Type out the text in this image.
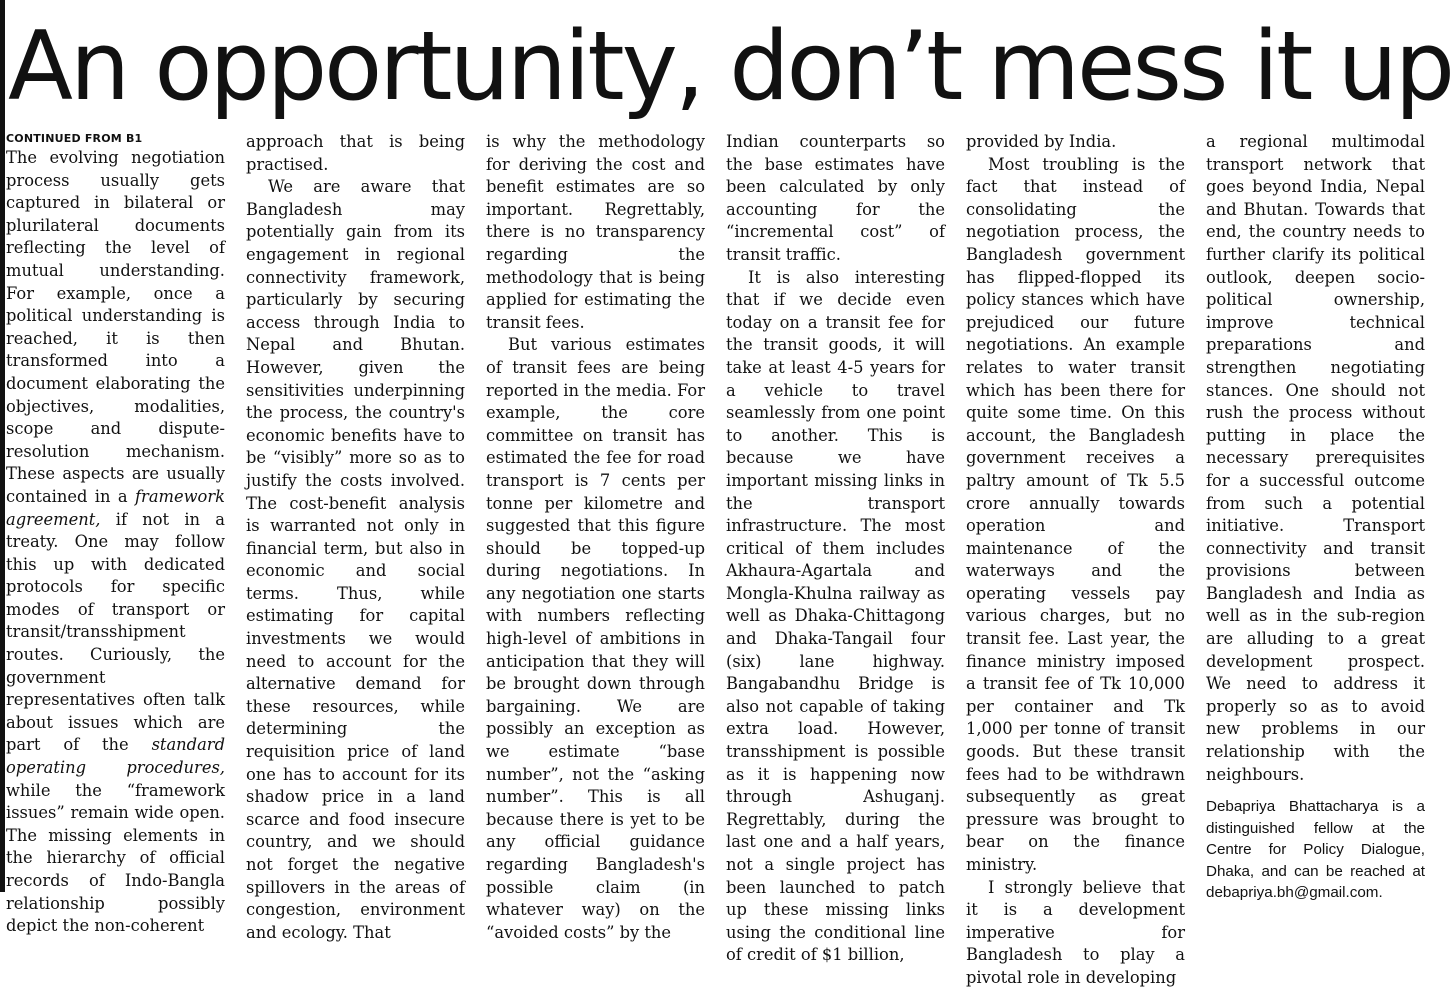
An opportunity, don’t mess it up

CONTINUED FROM B1

The evolving negotiation process usually gets captured in bilateral or plurilateral documents reflecting the level of mutual understanding. For example, once a political understanding is reached, it is then transformed into a document elaborating the objectives, modalities, scope and dispute-resolution mechanism. These aspects are usually contained in a framework agreement, if not in a treaty. One may follow this up with dedicated protocols for specific modes of transport or transit/transshipment routes. Curiously, the government representatives often talk about issues which are part of the standard operating procedures, while the “framework issues” remain wide open. The missing elements in the hierarchy of official records of Indo-Bangla relationship possibly depict the non-coherent

approach that is being practised.

We are aware that Bangladesh may potentially gain from its engagement in regional connectivity framework, particularly by securing access through India to Nepal and Bhutan. However, given the sensitivities underpinning the process, the country's economic benefits have to be “visibly” more so as to justify the costs involved. The cost-benefit analysis is warranted not only in financial term, but also in economic and social terms. Thus, while estimating for capital investments we would need to account for the alternative demand for these resources, while determining the requisition price of land one has to account for its shadow price in a land scarce and food insecure country, and we should not forget the negative spillovers in the areas of congestion, environment and ecology. That

is why the methodology for deriving the cost and benefit estimates are so important. Regrettably, there is no transparency regarding the methodology that is being applied for estimating the transit fees.

But various estimates of transit fees are being reported in the media. For example, the core committee on transit has estimated the fee for road transport is 7 cents per tonne per kilometre and suggested that this figure should be topped-up during negotiations. In any negotiation one starts with numbers reflecting high-level of ambitions in anticipation that they will be brought down through bargaining. We are possibly an exception as we estimate “base number”, not the “asking number”. This is all because there is yet to be any official guidance regarding Bangladesh's possible claim (in whatever way) on the “avoided costs” by the

Indian counterparts so the base estimates have been calculated by only accounting for the “incremental cost” of transit traffic.

It is also interesting that if we decide even today on a transit fee for the transit goods, it will take at least 4-5 years for a vehicle to travel seamlessly from one point to another. This is because we have important missing links in the transport infrastructure. The most critical of them includes Akhaura-Agartala and Mongla-Khulna railway as well as Dhaka-Chittagong and Dhaka-Tangail four (six) lane highway. Bangabandhu Bridge is also not capable of taking extra load. However, transshipment is possible as it is happening now through Ashuganj. Regrettably, during the last one and a half years, not a single project has been launched to patch up these missing links using the conditional line of credit of $1 billion,

provided by India.

Most troubling is the fact that instead of consolidating the negotiation process, the Bangladesh government has flipped-flopped its policy stances which have prejudiced our future negotiations. An example relates to water transit which has been there for quite some time. On this account, the Bangladesh government receives a paltry amount of Tk 5.5 crore annually towards operation and maintenance of the waterways and the operating vessels pay various charges, but no transit fee. Last year, the finance ministry imposed a transit fee of Tk 10,000 per container and Tk 1,000 per tonne of transit goods. But these transit fees had to be withdrawn subsequently as great pressure was brought to bear on the finance ministry.

I strongly believe that it is a development imperative for Bangladesh to play a pivotal role in developing

a regional multimodal transport network that goes beyond India, Nepal and Bhutan. Towards that end, the country needs to further clarify its political outlook, deepen socio-political ownership, improve technical preparations and strengthen negotiating stances. One should not rush the process without putting in place the necessary prerequisites for a successful outcome from such a potential initiative. Transport connectivity and transit provisions between Bangladesh and India as well as in the sub-region are alluding to a great development prospect. We need to address it properly so as to avoid new problems in our relationship with the neighbours.

Debapriya Bhattacharya is a distinguished fellow at the Centre for Policy Dialogue, Dhaka, and can be reached at debapriya.bh@gmail.com.
